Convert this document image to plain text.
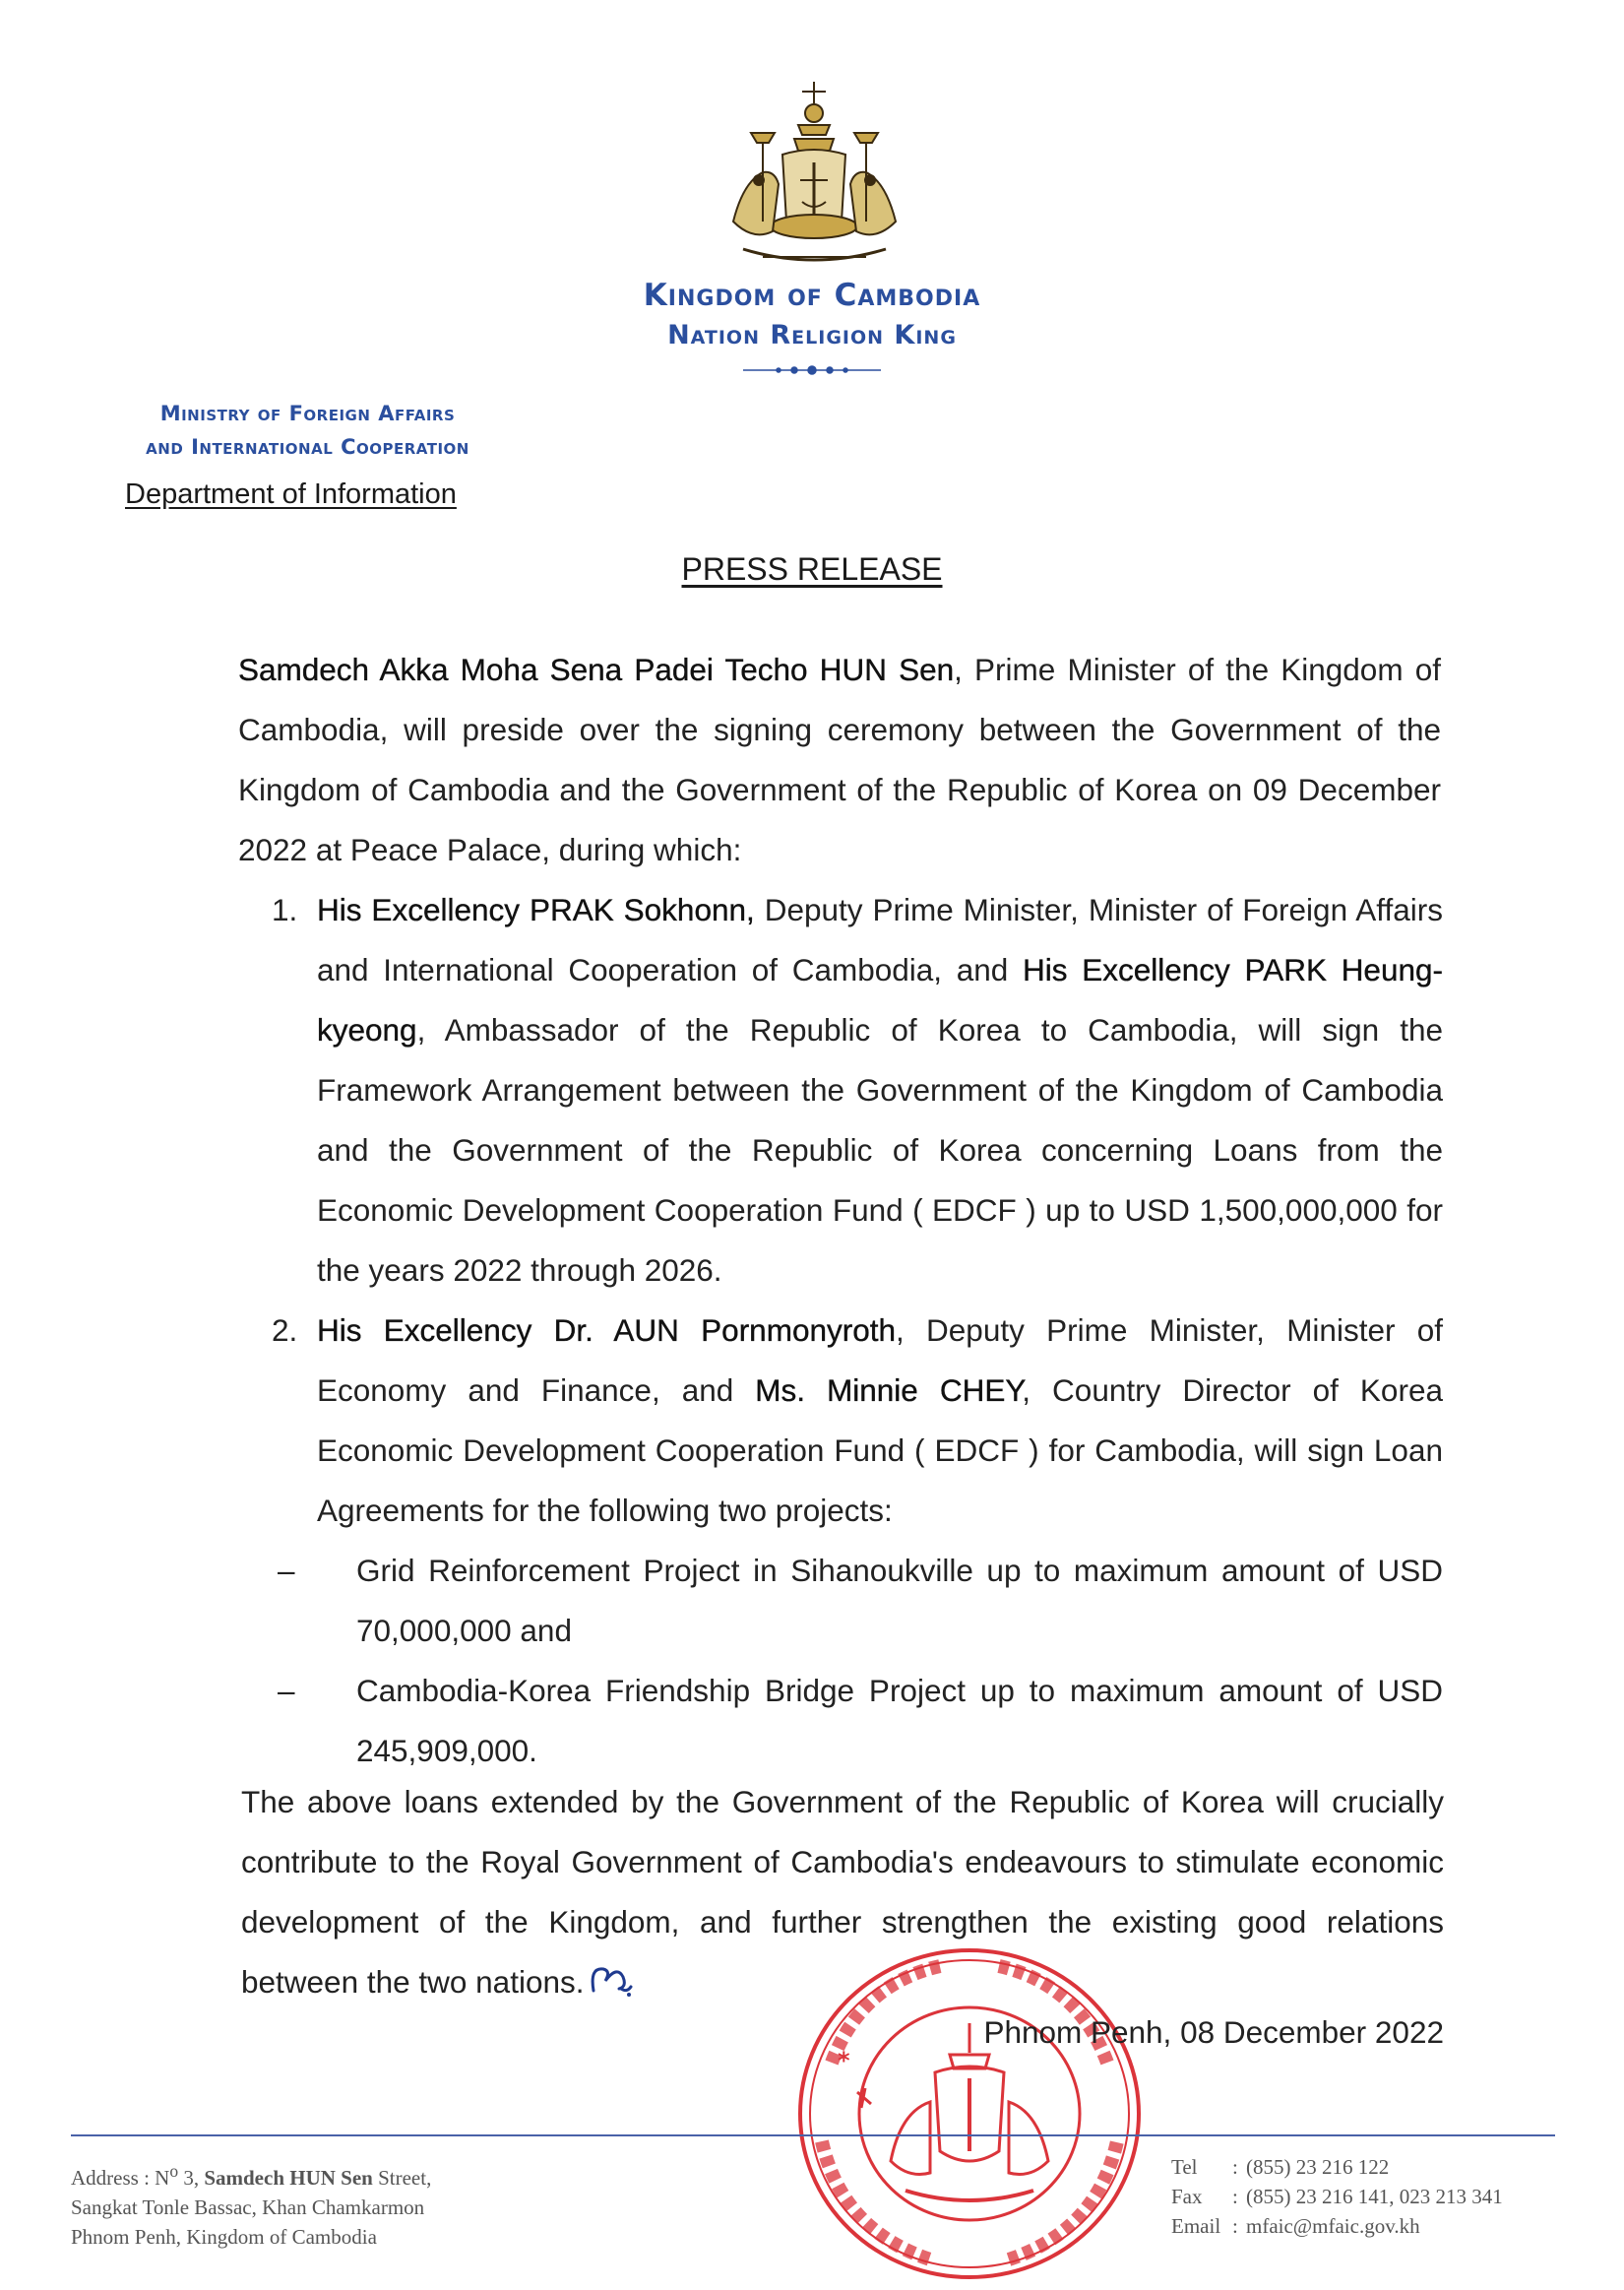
Kingdom of Cambodia
Nation Religion King
Ministry of Foreign Affairs
and International Cooperation
Department of Information
PRESS RELEASE
Samdech Akka Moha Sena Padei Techo HUN Sen, Prime Minister of the Kingdom of Cambodia, will preside over the signing ceremony between the Government of the Kingdom of Cambodia and the Government of the Republic of Korea on 09 December 2022 at Peace Palace, during which:
1. His Excellency PRAK Sokhonn, Deputy Prime Minister, Minister of Foreign Affairs and International Cooperation of Cambodia, and His Excellency PARK Heung-kyeong, Ambassador of the Republic of Korea to Cambodia, will sign the Framework Arrangement between the Government of the Kingdom of Cambodia and the Government of the Republic of Korea concerning Loans from the Economic Development Cooperation Fund ( EDCF ) up to USD 1,500,000,000 for the years 2022 through 2026.
2. His Excellency Dr. AUN Pornmonyroth, Deputy Prime Minister, Minister of Economy and Finance, and Ms. Minnie CHEY, Country Director of Korea Economic Development Cooperation Fund ( EDCF ) for Cambodia, will sign Loan Agreements for the following two projects:
– Grid Reinforcement Project in Sihanoukville up to maximum amount of USD 70,000,000 and
– Cambodia-Korea Friendship Bridge Project up to maximum amount of USD 245,909,000.
The above loans extended by the Government of the Republic of Korea will crucially contribute to the Royal Government of Cambodia's endeavours to stimulate economic development of the Kingdom, and further strengthen the existing good relations between the two nations.
*
Phnom Penh, 08 December 2022
Address : $N^o$ 3, Samdech HUN Sen Street,
Sangkat Tonle Bassac, Khan Chamkarmon
Phnom Penh, Kingdom of Cambodia
Tel : (855) 23 216 122
Fax : (855) 23 216 141, 023 213 341
Email : mfaic@mfaic.gov.kh
